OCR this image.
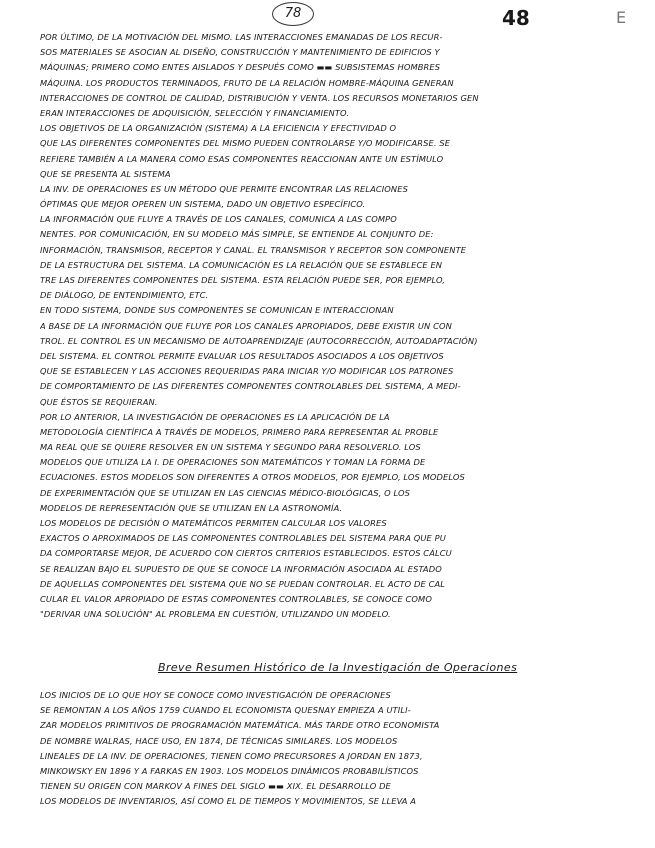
78	48	E
POR ÚLTIMO, DE LA MOTIVACIÓN DEL MISMO. LAS INTERACCIONES EMANADAS DE LOS RECUR-
SOS MATERIALES SE ASOCIAN AL DISEÑO, CONSTRUCCIÓN Y MANTENIMIENTO DE EDIFICIOS Y
MÁQUINAS; PRIMERO COMO ENTES AISLADOS Y DESPUÉS COMO ▬▬ SUBSISTEMAS HOMBRES
MÁQUINA. LOS PRODUCTOS TERMINADOS, FRUTO DE LA RELACIÓN HOMBRE-MÁQUINA GENERAN
INTERACCIONES DE CONTROL DE CALIDAD, DISTRIBUCIÓN Y VENTA. LOS RECURSOS MONETARIOS GEN
ERAN INTERACCIONES DE ADQUISICIÓN, SELECCIÓN Y FINANCIAMIENTO.
LOS OBJETIVOS DE LA ORGANIZACIÓN (SISTEMA) A LA EFICIENCIA Y EFECTIVIDAD O
QUE LAS DIFERENTES COMPONENTES DEL MISMO PUEDEN CONTROLARSE Y/O MODIFICARSE. SE
REFIERE TAMBIÉN A LA MANERA COMO ESAS COMPONENTES REACCIONAN ANTE UN ESTÍMULO
QUE SE PRESENTA AL SISTEMA
LA INV. DE OPERACIONES ES UN MÉTODO QUE PERMITE ENCONTRAR LAS RELACIONES
ÓPTIMAS QUE MEJOR OPEREN UN SISTEMA, DADO UN OBJETIVO ESPECÍFICO.
LA INFORMACIÓN QUE FLUYE A TRAVÉS DE LOS CANALES, COMUNICA A LAS COMPO
NENTES. POR COMUNICACIÓN, EN SU MODELO MÁS SIMPLE, SE ENTIENDE AL CONJUNTO DE:
INFORMACIÓN, TRANSMISOR, RECEPTOR Y CANAL. EL TRANSMISOR Y RECEPTOR SON COMPONENTE
DE LA ESTRUCTURA DEL SISTEMA. LA COMUNICACIÓN ES LA RELACIÓN QUE SE ESTABLECE EN
TRE LAS DIFERENTES COMPONENTES DEL SISTEMA. ESTA RELACIÓN PUEDE SER, POR EJEMPLO,
DE DIÁLOGO, DE ENTENDIMIENTO, ETC.
EN TODO SISTEMA, DONDE SUS COMPONENTES SE COMUNICAN E INTERACCIONAN
A BASE DE LA INFORMACIÓN QUE FLUYE POR LOS CANALES APROPIADOS, DEBE EXISTIR UN CON
TROL. EL CONTROL ES UN MECANISMO DE AUTOAPRENDIZAJE (AUTOCORRECCIÓN, AUTOADAPTACIÓN)
DEL SISTEMA. EL CONTROL PERMITE EVALUAR LOS RESULTADOS ASOCIADOS A LOS OBJETIVOS
QUE SE ESTABLECEN Y LAS ACCIONES REQUERIDAS PARA INICIAR Y/O MODIFICAR LOS PATRONES
DE COMPORTAMIENTO DE LAS DIFERENTES COMPONENTES CONTROLABLES DEL SISTEMA, A MEDI-
QUE ÉSTOS SE REQUIERAN.
POR LO ANTERIOR, LA INVESTIGACIÓN DE OPERACIONES ES LA APLICACIÓN DE LA
METODOLOGÍA CIENTÍFICA A TRAVÉS DE MODELOS, PRIMERO PARA REPRESENTAR AL PROBLE
MA REAL QUE SE QUIERE RESOLVER EN UN SISTEMA Y SEGUNDO PARA RESOLVERLO. LOS
MODELOS QUE UTILIZA LA I. DE OPERACIONES SON MATEMÁTICOS Y TOMAN LA FORMA DE
ECUACIONES. ESTOS MODELOS SON DIFERENTES A OTROS MODELOS, POR EJEMPLO, LOS MODELOS
DE EXPERIMENTACIÓN QUE SE UTILIZAN EN LAS CIENCIAS MÉDICO-BIOLÓGICAS, O LOS
MODELOS DE REPRESENTACIÓN QUE SE UTILIZAN EN LA ASTRONOMÍA.
LOS MODELOS DE DECISIÓN O MATEMÁTICOS PERMITEN CALCULAR LOS VALORES
EXACTOS O APROXIMADOS DE LAS COMPONENTES CONTROLABLES DEL SISTEMA PARA QUE PU
DA COMPORTARSE MEJOR, DE ACUERDO CON CIERTOS CRITERIOS ESTABLECIDOS. ESTOS CÁLCU
SE REALIZAN BAJO EL SUPUESTO DE QUE SE CONOCE LA INFORMACIÓN ASOCIADA AL ESTADO
DE AQUELLAS COMPONENTES DEL SISTEMA QUE NO SE PUEDAN CONTROLAR. EL ACTO DE CAL
CULAR EL VALOR APROPIADO DE ESTAS COMPONENTES CONTROLABLES, SE CONOCE COMO
"DERIVAR UNA SOLUCIÓN" AL PROBLEMA EN CUESTIÓN, UTILIZANDO UN MODELO.
Breve Resumen Histórico de la Investigación de Operaciones
LOS INICIOS DE LO QUE HOY SE CONOCE COMO INVESTIGACIÓN DE OPERACIONES
SE REMONTAN A LOS AÑOS 1759 CUANDO EL ECONOMISTA QUESNAY EMPIEZA A UTILI-
ZAR MODELOS PRIMITIVOS DE PROGRAMACIÓN MATEMÁTICA. MÁS TARDE OTRO ECONOMISTA
DE NOMBRE WALRAS, HACE USO, EN 1874, DE TÉCNICAS SIMILARES. LOS MODELOS
LINEALES DE LA INV. DE OPERACIONES, TIENEN COMO PRECURSORES A JORDAN EN 1873,
MINKOWSKY EN 1896 Y A FARKAS EN 1903. LOS MODELOS DINÁMICOS PROBABILÍSTICOS
TIENEN SU ORIGEN CON MARKOV A FINES DEL SIGLO ▬▬ XIX. EL DESARROLLO DE
LOS MODELOS DE INVENTARIOS, ASÍ COMO EL DE TIEMPOS Y MOVIMIENTOS, SE LLEVA A
